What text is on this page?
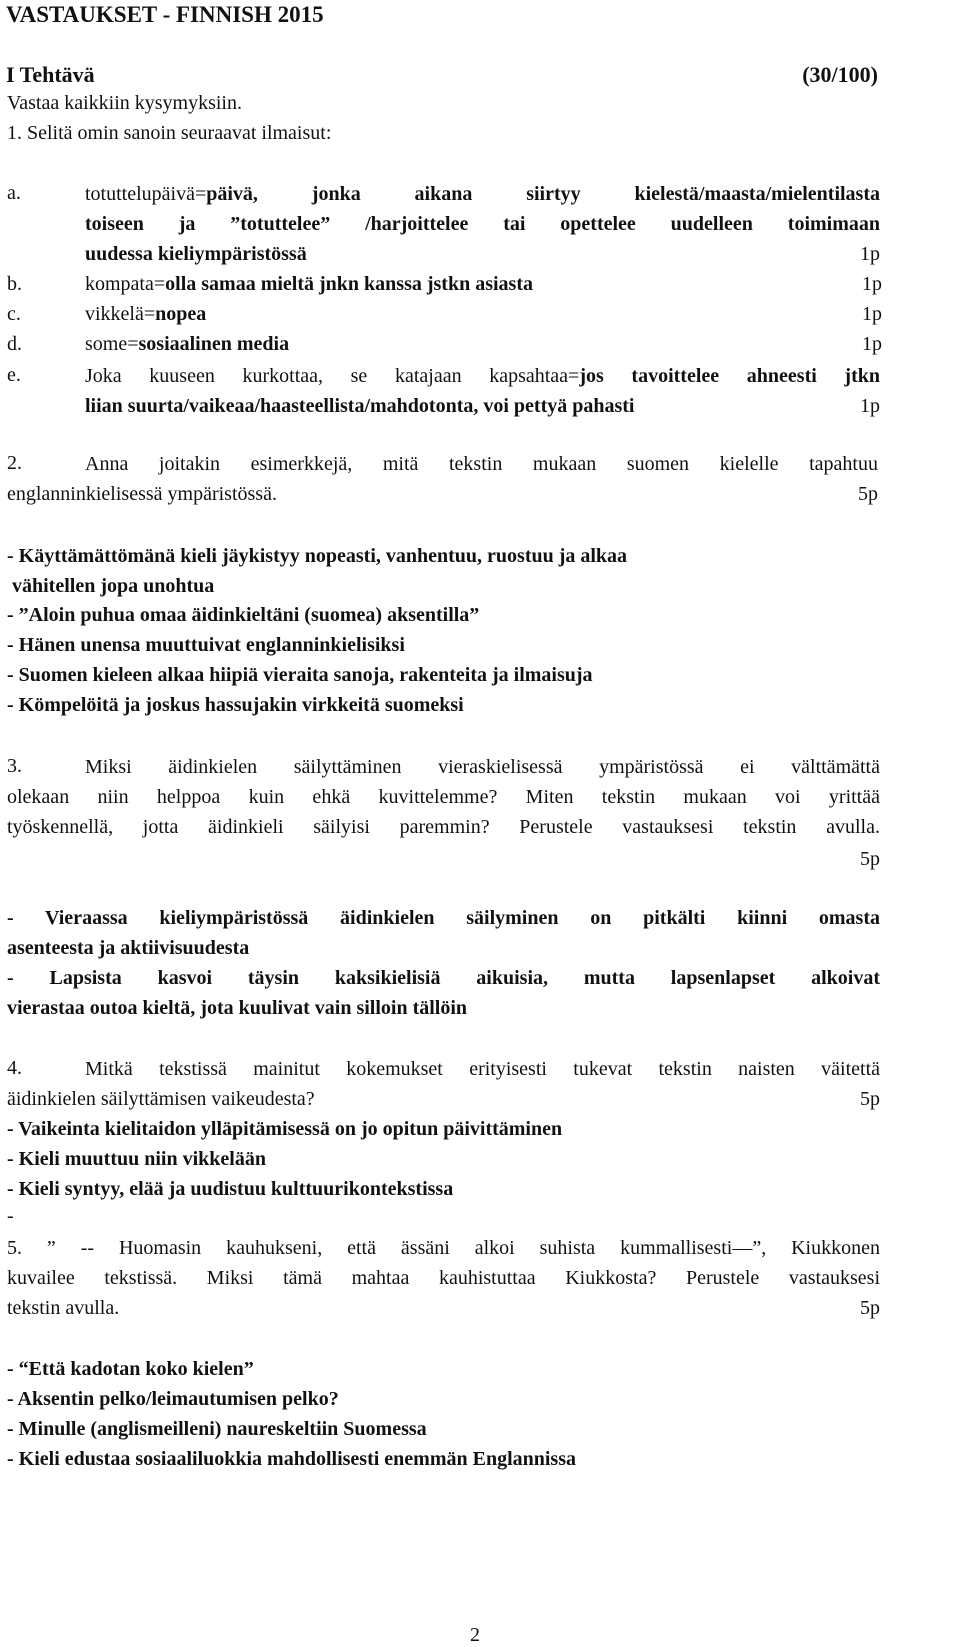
VASTAUKSET - FINNISH 2015
I Tehtävä	(30/100)
Vastaa kaikkiin kysymyksiin.
1. Selitä omin sanoin seuraavat ilmaisut:
a.	totuttelupäivä=päivä, jonka aikana siirtyy kielestä/maasta/mielentilasta
toiseen ja ”totuttelee” /harjoittelee tai opettelee uudelleen toimimaan
uudessa kieliympäristössä	1p
b.	kompata=olla samaa mieltä jnkn kanssa jstkn asiasta	1p
c.	vikkelä=nopea	1p
d.	some=sosiaalinen media	1p
e.	Joka kuuseen kurkottaa, se katajaan kapsahtaa=jos tavoittelee ahneesti jtkn
liian suurta/vaikeaa/haasteellista/mahdotonta, voi pettyä pahasti	1p
2.	Anna joitakin esimerkkejä, mitä tekstin mukaan suomen kielelle tapahtuu
englanninkielisessä ympäristössä.	5p
- Käyttämättömänä kieli jäykistyy nopeasti, vanhentuu, ruostuu ja alkaa
vähitellen jopa unohtua
- ”Aloin puhua omaa äidinkieltäni (suomea) aksentilla”
- Hänen unensa muuttuivat englanninkielisiksi
- Suomen kieleen alkaa hiipiä vieraita sanoja, rakenteita ja ilmaisuja
- Kömpelöitä ja joskus hassujakin virkkeitä suomeksi
3.	Miksi äidinkielen säilyttäminen vieraskielisessä ympäristössä ei välttämättä
olekaan niin helppoa kuin ehkä kuvittelemme? Miten tekstin mukaan voi yrittää
työskennellä, jotta äidinkieli säilyisi paremmin? Perustele vastauksesi tekstin avulla.
5p
- Vieraassa kieliympäristössä äidinkielen säilyminen on pitkälti kiinni omasta
asenteesta ja aktiivisuudesta
- Lapsista kasvoi täysin kaksikielisiä aikuisia, mutta lapsenlapset alkoivat
vierastaa outoa kieltä, jota kuulivat vain silloin tällöin
4.	Mitkä tekstissä mainitut kokemukset erityisesti tukevat tekstin naisten väitettä
äidinkielen säilyttämisen vaikeudesta?	5p
- Vaikeinta kielitaidon ylläpitämisessä on jo opitun päivittäminen
- Kieli muuttuu niin vikkelään
- Kieli syntyy, elää ja uudistuu kulttuurikontekstissa
-
5. ” -- Huomasin kauhukseni, että ässäni alkoi suhista kummallisesti—”, Kiukkonen
kuvailee tekstissä. Miksi tämä mahtaa kauhistuttaa Kiukkosta? Perustele vastauksesi
tekstin avulla.	5p
- “Että kadotan koko kielen”
- Aksentin pelko/leimautumisen pelko?
- Minulle (anglismeilleni) naureskeltiin Suomessa
- Kieli edustaa sosiaaliluokkia mahdollisesti enemmän Englannissa
2
